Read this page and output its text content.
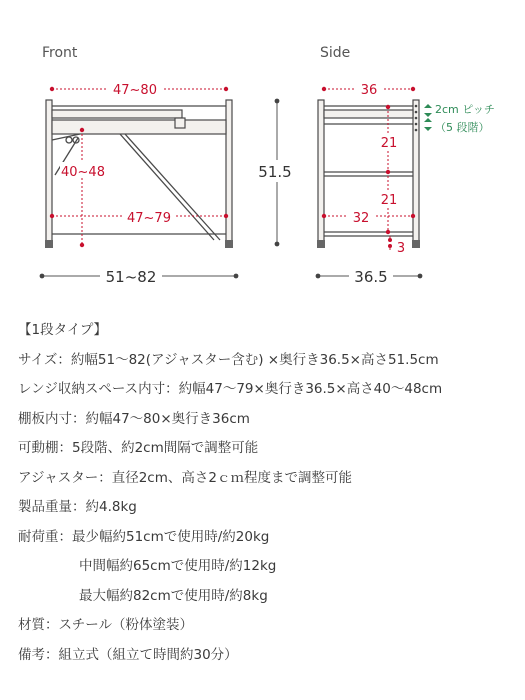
Front
47~80
40~48
47~79
51~82
51.5
Side
36
21
21
32
3
36.5
2cm ピッチ
（5 段階）
【1段タイプ】
サイズ：約幅51～82(アジャスター含む) ×奥行き36.5×高さ51.5cm
レンジ収納スペース内寸：約幅47～79×奥行き36.5×高さ40～48cm
棚板内寸：約幅47～80×奥行き36cm
可動棚：5段階、約2cm間隔で調整可能
アジャスター：直径2cm、高さ2ｃｍ程度まで調整可能
製品重量：約4.8kg
耐荷重：最少幅約51cmで使用時/約20kg
中間幅約65cmで使用時/約12kg
最大幅約82cmで使用時/約8kg
材質：スチール（粉体塗装）
備考：組立式（組立て時間約30分）
